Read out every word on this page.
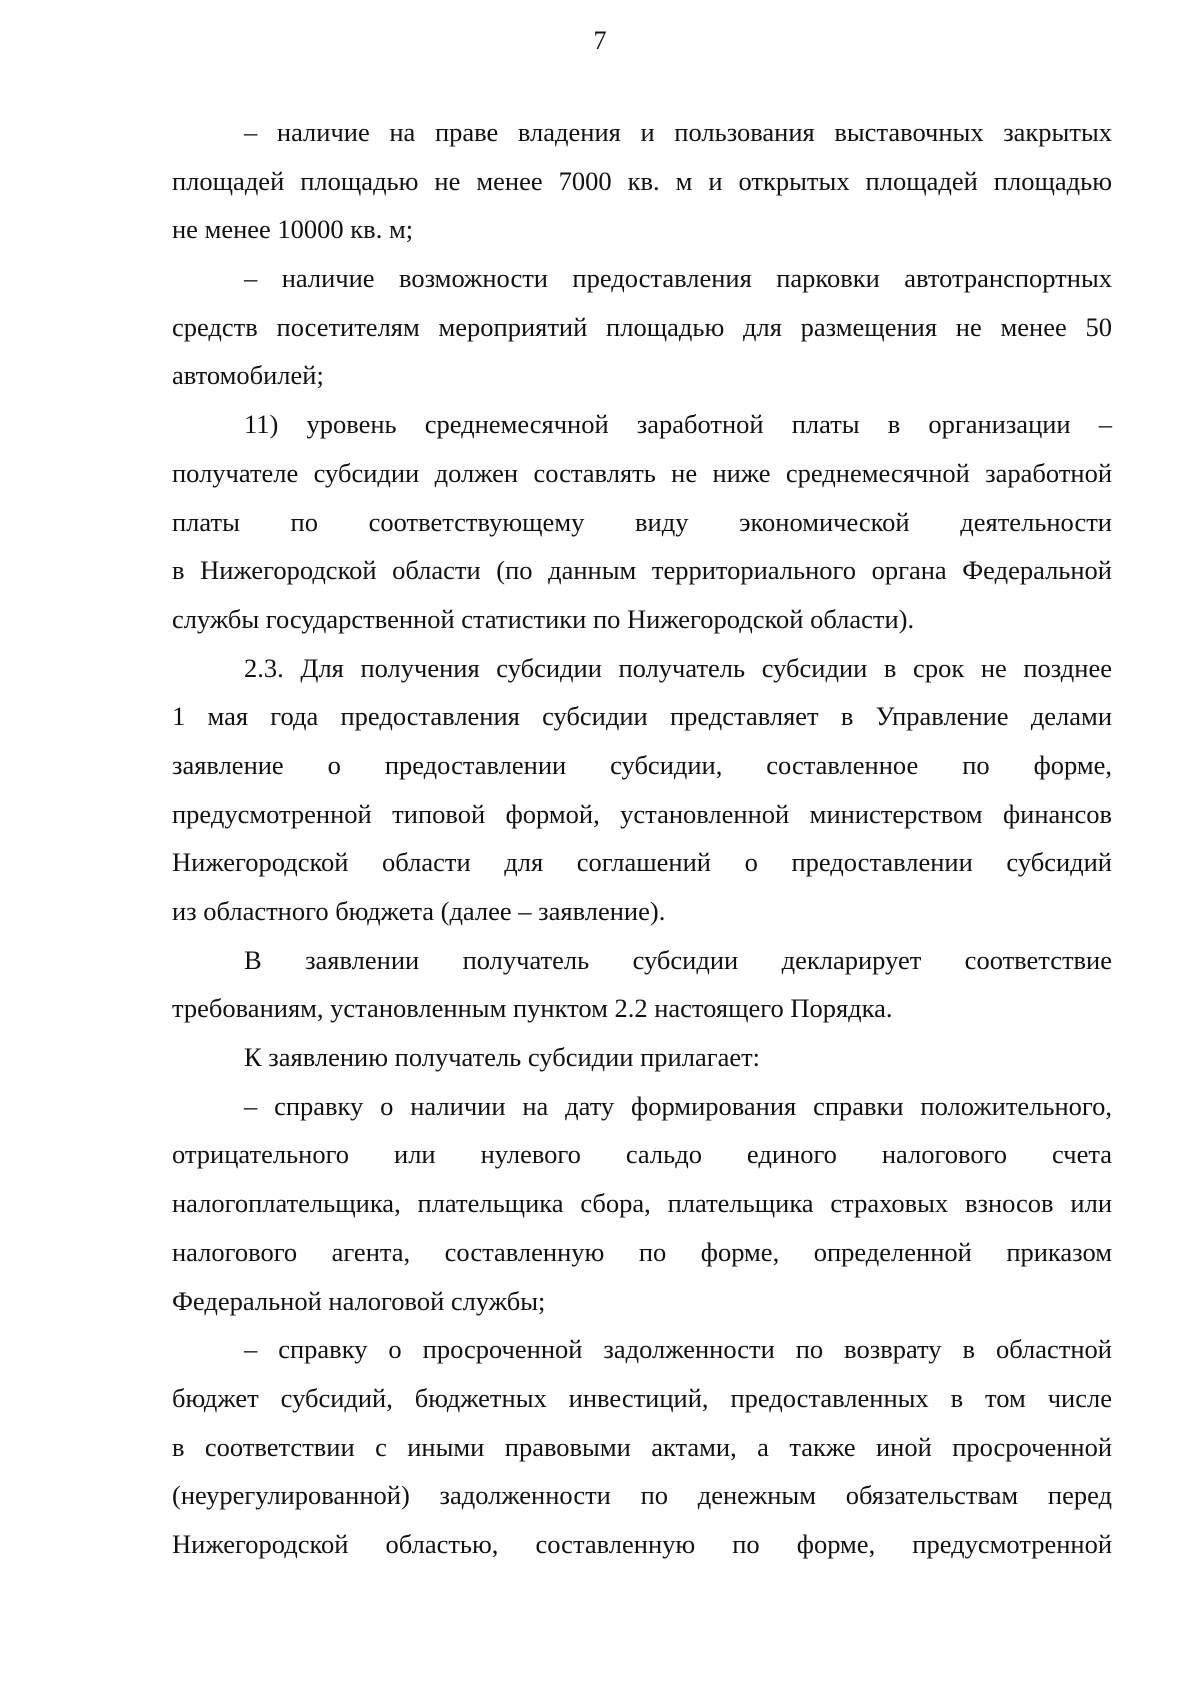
7
– наличие на праве владения и пользования выставочных закрытых
площадей площадью не менее 7000 кв. м и открытых площадей площадью
не менее 10000 кв. м;
– наличие возможности предоставления парковки автотранспортных
средств посетителям мероприятий площадью для размещения не менее 50
автомобилей;
11) уровень среднемесячной заработной платы в организации –
получателе субсидии должен составлять не ниже среднемесячной заработной
платы по соответствующему виду экономической деятельности
в Нижегородской области (по данным территориального органа Федеральной
службы государственной статистики по Нижегородской области).
2.3. Для получения субсидии получатель субсидии в срок не позднее
1 мая года предоставления субсидии представляет в Управление делами
заявление о предоставлении субсидии, составленное по форме,
предусмотренной типовой формой, установленной министерством финансов
Нижегородской области для соглашений о предоставлении субсидий
из областного бюджета (далее – заявление).
В заявлении получатель субсидии декларирует соответствие
требованиям, установленным пунктом 2.2 настоящего Порядка.
К заявлению получатель субсидии прилагает:
– справку о наличии на дату формирования справки положительного,
отрицательного или нулевого сальдо единого налогового счета
налогоплательщика, плательщика сбора, плательщика страховых взносов или
налогового агента, составленную по форме, определенной приказом
Федеральной налоговой службы;
– справку о просроченной задолженности по возврату в областной
бюджет субсидий, бюджетных инвестиций, предоставленных в том числе
в соответствии с иными правовыми актами, а также иной просроченной
(неурегулированной) задолженности по денежным обязательствам перед
Нижегородской областью, составленную по форме, предусмотренной
